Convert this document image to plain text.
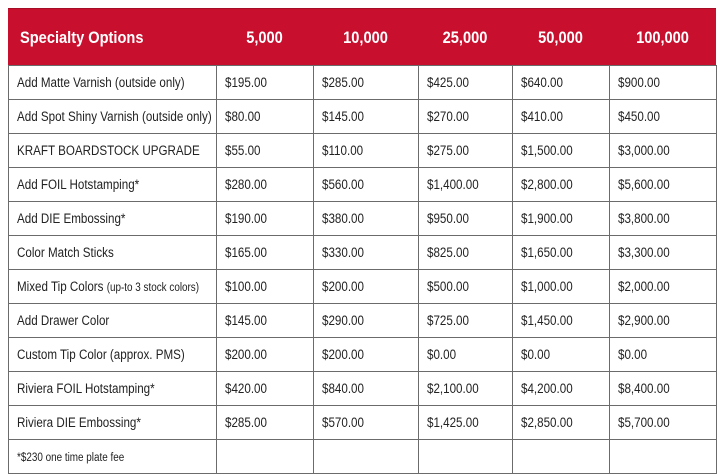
Specialty Options	5,000	10,000	25,000	50,000	100,000
Add Matte Varnish (outside only)	$195.00	$285.00	$425.00	$640.00	$900.00
Add Spot Shiny Varnish (outside only)	$80.00	$145.00	$270.00	$410.00	$450.00
KRAFT BOARDSTOCK UPGRADE	$55.00	$110.00	$275.00	$1,500.00	$3,000.00
Add FOIL Hotstamping*	$280.00	$560.00	$1,400.00	$2,800.00	$5,600.00
Add DIE Embossing*	$190.00	$380.00	$950.00	$1,900.00	$3,800.00
Color Match Sticks	$165.00	$330.00	$825.00	$1,650.00	$3,300.00
Mixed Tip Colors (up-to 3 stock colors)	$100.00	$200.00	$500.00	$1,000.00	$2,000.00
Add Drawer Color	$145.00	$290.00	$725.00	$1,450.00	$2,900.00
Custom Tip Color (approx. PMS)	$200.00	$200.00	$0.00	$0.00	$0.00
Riviera FOIL Hotstamping*	$420.00	$840.00	$2,100.00	$4,200.00	$8,400.00
Riviera DIE Embossing*	$285.00	$570.00	$1,425.00	$2,850.00	$5,700.00
*$230 one time plate fee					
